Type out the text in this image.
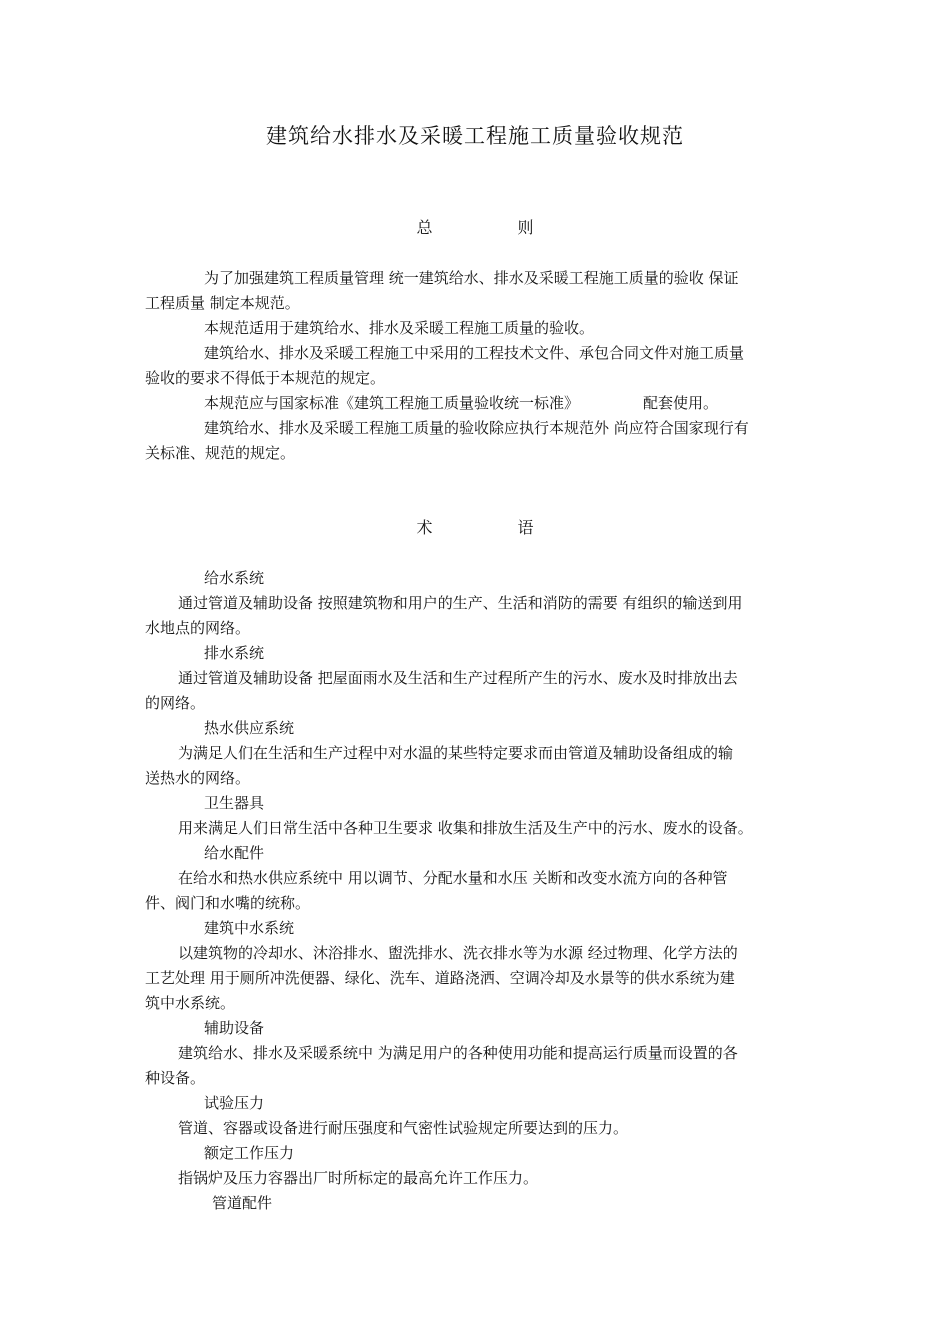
建筑给水排水及采暖工程施工质量验收规范
总 则
为了加强建筑工程质量管理 统一建筑给水、排水及采暖工程施工质量的验收 保证
工程质量 制定本规范。
本规范适用于建筑给水、排水及采暖工程施工质量的验收。
建筑给水、排水及采暖工程施工中采用的工程技术文件、承包合同文件对施工质量
验收的要求不得低于本规范的规定。
本规范应与国家标准《建筑工程施工质量验收统一标准》	配套使用。
建筑给水、排水及采暖工程施工质量的验收除应执行本规范外 尚应符合国家现行有
关标准、规范的规定。
术 语
给水系统
通过管道及辅助设备 按照建筑物和用户的生产、生活和消防的需要 有组织的输送到用
水地点的网络。
排水系统
通过管道及辅助设备 把屋面雨水及生活和生产过程所产生的污水、废水及时排放出去
的网络。
热水供应系统
为满足人们在生活和生产过程中对水温的某些特定要求而由管道及辅助设备组成的输
送热水的网络。
卫生器具
用来满足人们日常生活中各种卫生要求 收集和排放生活及生产中的污水、废水的设备。
给水配件
在给水和热水供应系统中 用以调节、分配水量和水压 关断和改变水流方向的各种管
件、阀门和水嘴的统称。
建筑中水系统
以建筑物的冷却水、沐浴排水、盥洗排水、洗衣排水等为水源 经过物理、化学方法的
工艺处理 用于厕所冲洗便器、绿化、洗车、道路浇洒、空调冷却及水景等的供水系统为建
筑中水系统。
辅助设备
建筑给水、排水及采暖系统中 为满足用户的各种使用功能和提高运行质量而设置的各
种设备。
试验压力
管道、容器或设备进行耐压强度和气密性试验规定所要达到的压力。
额定工作压力
指锅炉及压力容器出厂时所标定的最高允许工作压力。
管道配件
